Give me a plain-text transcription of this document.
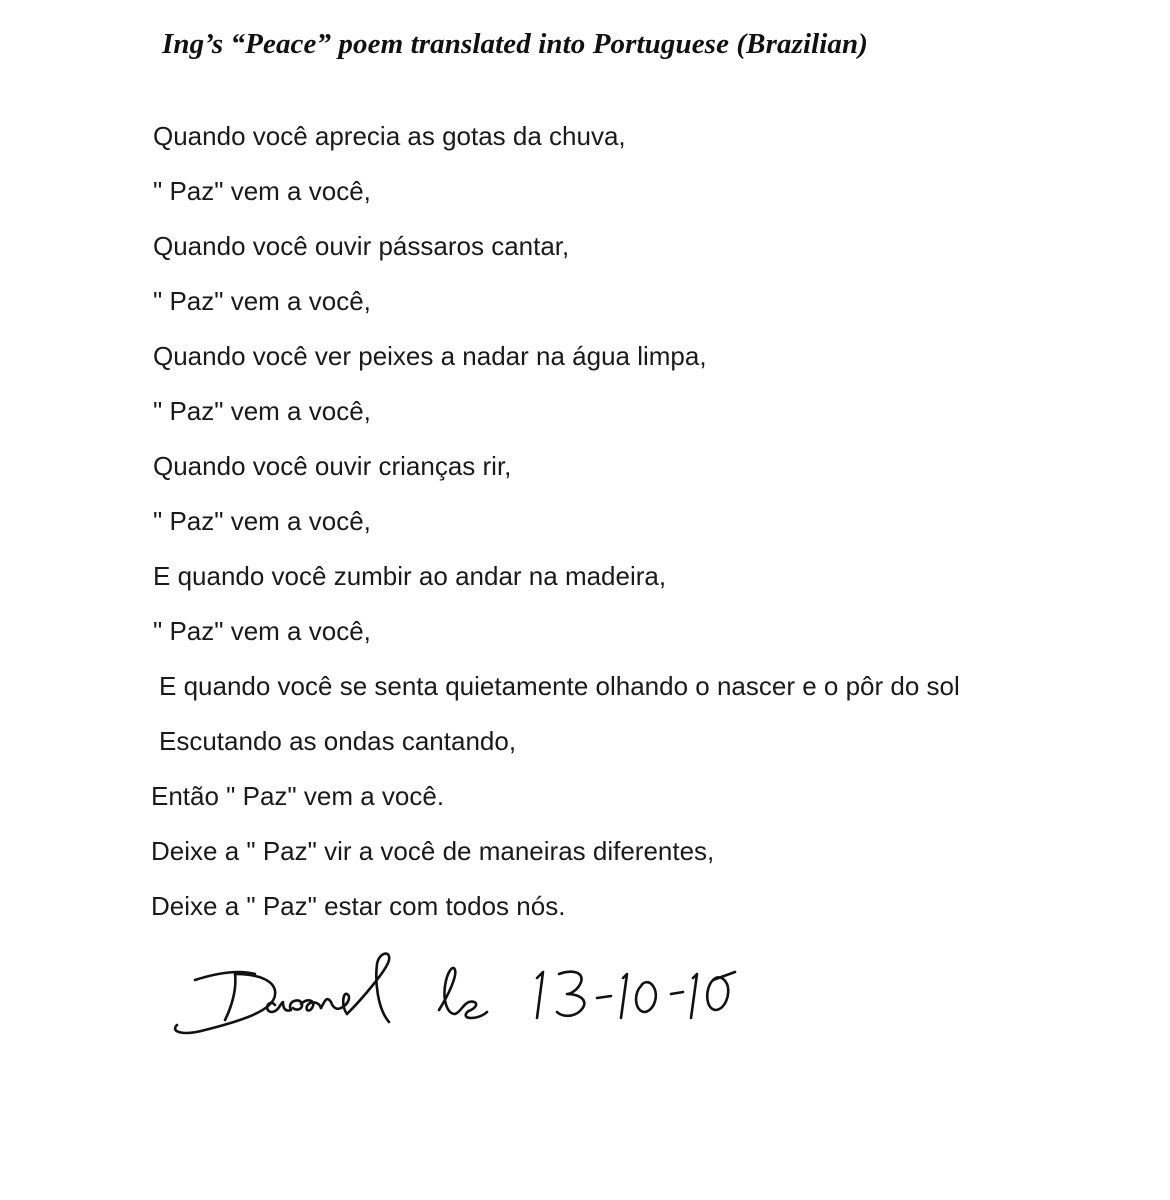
Ing’s “Peace” poem translated into Portuguese (Brazilian)
Quando você aprecia as gotas da chuva,
" Paz" vem a você,
Quando você ouvir pássaros cantar,
" Paz" vem a você,
Quando você ver peixes a nadar na água limpa,
" Paz" vem a você,
Quando você ouvir crianças rir,
" Paz" vem a você,
E quando você zumbir ao andar na madeira,
" Paz" vem a você,
E quando você se senta quietamente olhando o nascer e o pôr do sol
Escutando as ondas cantando,
Então " Paz" vem a você.
Deixe a " Paz" vir a você de maneiras diferentes,
Deixe a " Paz" estar com todos nós.
